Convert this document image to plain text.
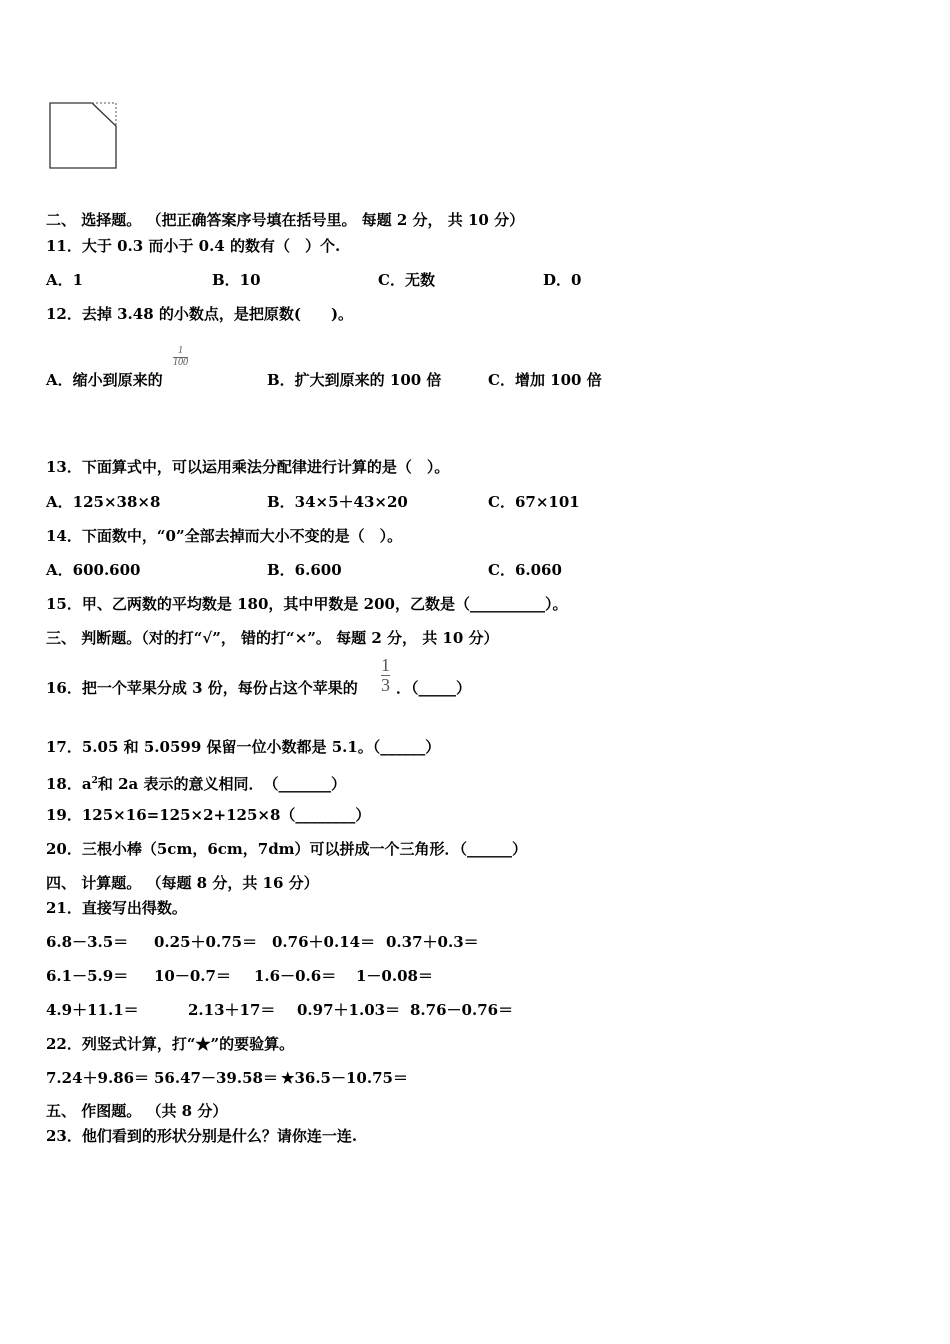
二、 选择题。 （把正确答案序号填在括号里。 每题 2 分， 共 10 分）
11．大于 0.3 而小于 0.4 的数有（　）个.
A．1	B．10	C．无数	D．0
12．去掉 3.48 的小数点，是把原数(　　)。
A．缩小到原来的
$\frac{1}{100}$
B．扩大到原来的 100 倍	C．增加 100 倍
13．下面算式中，可以运用乘法分配律进行计算的是（　）。
A．125×38×8	B．34×5＋43×20	C．67×101
14．下面数中，“0”全部去掉而大小不变的是（　）。
A．600.600	B．6.600	C．6.060
15．甲、乙两数的平均数是 180，其中甲数是 200，乙数是（__________）。
三、 判断题。（对的打“√”， 错的打“×”。 每题 2 分， 共 10 分）
16．把一个苹果分成 3 份，每份占这个苹果的 $\frac{1}{3}$ ．（_____）
17．5.05 和 5.0599 保留一位小数都是 5.1。（______）
18．$a^2$和 2a 表示的意义相同．　（_______）
19．125×16=125×2+125×8（________）
20．三根小棒（5cm，6cm，7dm）可以拼成一个三角形．（______）
四、 计算题。 （每题 8 分，共 16 分）
21．直接写出得数。
6.8－3.5＝ 0.25＋0.75＝ 0.76＋0.14＝ 0.37＋0.3＝
6.1－5.9＝ 10－0.7＝ 1.6－0.6＝ 1－0.08＝
4.9＋11.1＝	2.13＋17＝ 0.97＋1.03＝ 8.76－0.76＝
22．列竖式计算，打“★”的要验算。
7.24＋9.86＝ 56.47－39.58＝ ★36.5－10.75＝
五、 作图题。 （共 8 分）
23．他们看到的形状分别是什么？请你连一连.
